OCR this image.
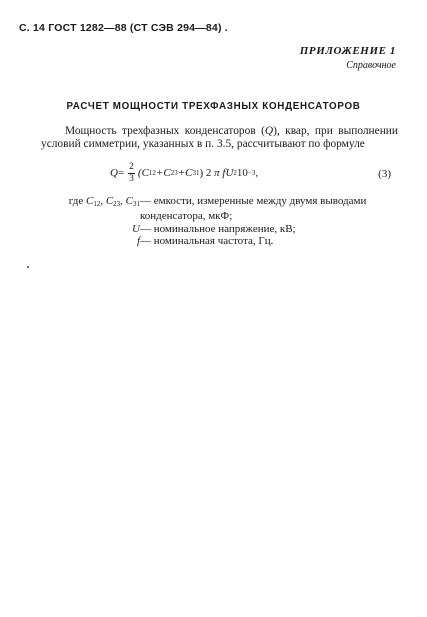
С. 14 ГОСТ 1282—88 (СТ СЭВ 294—84) .
ПРИЛОЖЕНИЕ 1
Справочное
РАСЧЕТ МОЩНОСТИ ТРЕХФАЗНЫХ КОНДЕНСАТОРОВ
Мощность трехфазных конденсаторов (Q), квар, при выполнении условий симметрии, указанных в п. 3.5, рассчитывают по формуле
$Q = \frac{2}{3} (C$ 12 +C 23 +C 31 ) 2
π
f U 2 10 −3 ,	(3)
где $C_{12}$, $C_{23}$, $C_{31}$ — емкости, измеренные между двумя выводами
конденсатора, мкФ;
U — номинальное напряжение, кВ;
f — номинальная частота, Гц.
